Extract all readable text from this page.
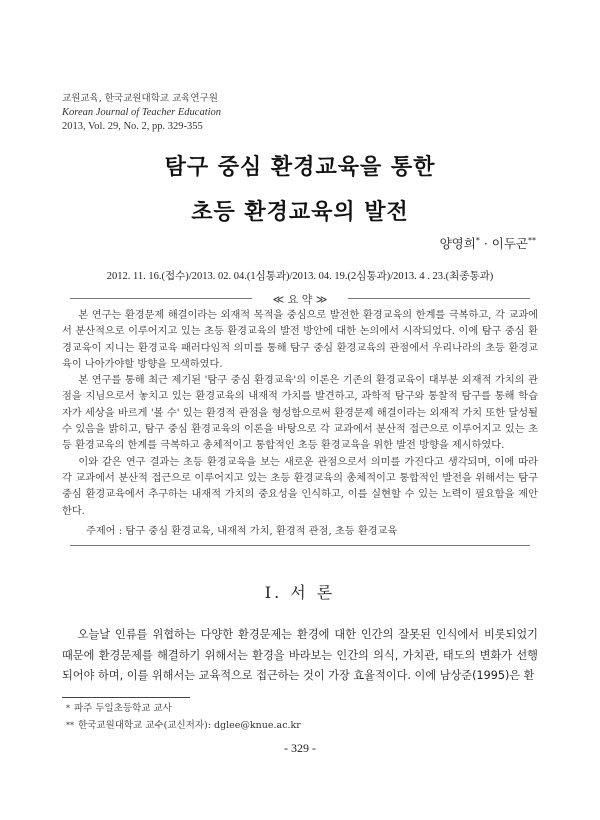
교원교육, 한국교원대학교 교육연구원
Korean Journal of Teacher Education
2013, Vol. 29, No. 2, pp. 329-355
탐구 중심 환경교육을 통한
초등 환경교육의 발전
양영희* · 이두곤**
2012. 11. 16.(접수)/2013. 02. 04.(1심통과)/2013. 04. 19.(2심통과)/2013. 4 . 23.(최종통과)
≪ 요 약 ≫

본 연구는 환경문제 해결이라는 외재적 목적을 중심으로 발전한 환경교육의 한계를 극복하고, 각 교과에서 분산적으로 이루어지고 있는 초등 환경교육의 발전 방안에 대한 논의에서 시작되었다. 이에 탐구 중심 환경교육이 지니는 환경교육 패러다임적 의미를 통해 탐구 중심 환경교육의 관점에서 우리나라의 초등 환경교육이 나아가야할 방향을 모색하였다.

본 연구를 통해 최근 제기된 '탐구 중심 환경교육'의 이론은 기존의 환경교육이 대부분 외재적 가치의 관점을 지님으로서 놓치고 있는 환경교육의 내재적 가치를 발견하고, 과학적 탐구와 통찰적 탐구를 통해 학습자가 세상을 바르게 '볼 수' 있는 환경적 관점을 형성함으로써 환경문제 해결이라는 외재적 가치 또한 달성될 수 있음을 밝히고, 탐구 중심 환경교육의 이론을 바탕으로 각 교과에서 분산적 접근으로 이루어지고 있는 초등 환경교육의 한계를 극복하고 총체적이고 통합적인 초등 환경교육을 위한 발전 방향을 제시하였다.

이와 같은 연구 결과는 초등 환경교육을 보는 새로운 관점으로서 의미를 가진다고 생각되며, 이에 따라 각 교과에서 분산적 접근으로 이루어지고 있는 초등 환경교육의 총체적이고 통합적인 발전을 위해서는 탐구 중심 환경교육에서 추구하는 내재적 가치의 중요성을 인식하고, 이를 실현할 수 있는 노력이 필요함을 제안한다.

주제어 : 탐구 중심 환경교육, 내재적 가치, 환경적 관점, 초등 환경교육
Ⅰ. 서 론

오늘날 인류를 위협하는 다양한 환경문제는 환경에 대한 인간의 잘못된 인식에서 비롯되었기 때문에 환경문제를 해결하기 위해서는 환경을 바라보는 인간의 의식, 가치관, 태도의 변화가 선행되어야 하며, 이를 위해서는 교육적으로 접근하는 것이 가장 효율적이다. 이에 남상준(1995)은 환

* 파주 두일초등학교 교사
** 한국교원대학교 교수(교신저자): dglee@knue.ac.kr
- 329 -
